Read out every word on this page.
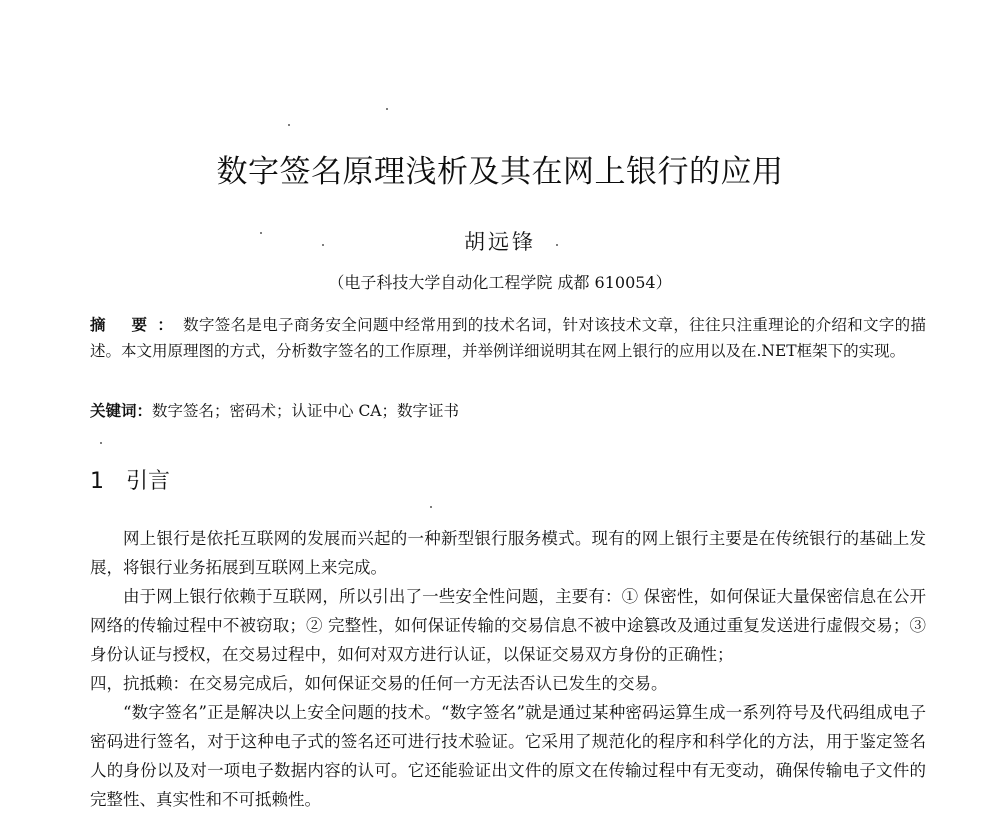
数字签名原理浅析及其在网上银行的应用
胡远锋
（电子科技大学自动化工程学院 成都 610054）
摘 要：数字签名是电子商务安全问题中经常用到的技术名词，针对该技术文章，往往只注重理论的介绍和文字的描述。本文用原理图的方式，分析数字签名的工作原理，并举例详细说明其在网上银行的应用以及在.NET框架下的实现。
关键词：数字签名；密码术；认证中心 CA；数字证书
1 引言

网上银行是依托互联网的发展而兴起的一种新型银行服务模式。现有的网上银行主要是在传统银行的基础上发展，将银行业务拓展到互联网上来完成。

由于网上银行依赖于互联网，所以引出了一些安全性问题，主要有：① 保密性，如何保证大量保密信息在公开网络的传输过程中不被窃取；② 完整性，如何保证传输的交易信息不被中途篡改及通过重复发送进行虚假交易；③ 身份认证与授权，在交易过程中，如何对双方进行认证，以保证交易双方身份的正确性；

四，抗抵赖：在交易完成后，如何保证交易的任何一方无法否认已发生的交易。

“数字签名”正是解决以上安全问题的技术。“数字签名”就是通过某种密码运算生成一系列符号及代码组成电子密码进行签名，对于这种电子式的签名还可进行技术验证。它采用了规范化的程序和科学化的方法，用于鉴定签名人的身份以及对一项电子数据内容的认可。它还能验证出文件的原文在传输过程中有无变动，确保传输电子文件的完整性、真实性和不可抵赖性。
